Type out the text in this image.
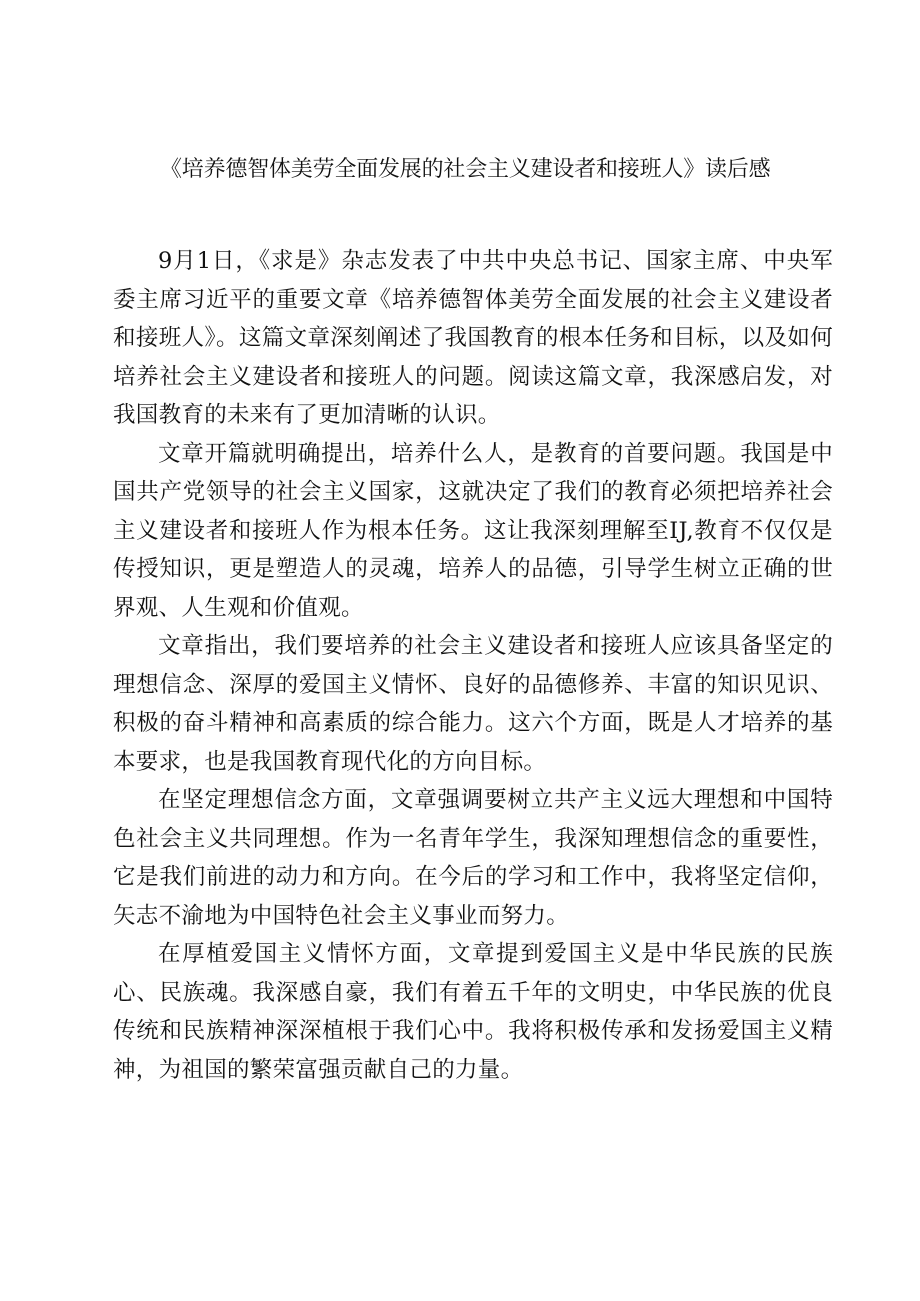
《培养德智体美劳全面发展的社会主义建设者和接班人》读后感

9月1日，《求是》杂志发表了中共中央总书记、国家主席、中央军委主席习近平的重要文章《培养德智体美劳全面发展的社会主义建设者和接班人》。这篇文章深刻阐述了我国教育的根本任务和目标，以及如何培养社会主义建设者和接班人的问题。阅读这篇文章，我深感启发，对我国教育的未来有了更加清晰的认识。

文章开篇就明确提出，培养什么人，是教育的首要问题。我国是中国共产党领导的社会主义国家，这就决定了我们的教育必须把培养社会主义建设者和接班人作为根本任务。这让我深刻理解至IJ,教育不仅仅是传授知识，更是塑造人的灵魂，培养人的品德，引导学生树立正确的世界观、人生观和价值观。

文章指出，我们要培养的社会主义建设者和接班人应该具备坚定的理想信念、深厚的爱国主义情怀、良好的品德修养、丰富的知识见识、积极的奋斗精神和高素质的综合能力。这六个方面，既是人才培养的基本要求，也是我国教育现代化的方向目标。

在坚定理想信念方面，文章强调要树立共产主义远大理想和中国特色社会主义共同理想。作为一名青年学生，我深知理想信念的重要性，它是我们前进的动力和方向。在今后的学习和工作中，我将坚定信仰，矢志不渝地为中国特色社会主义事业而努力。

在厚植爱国主义情怀方面，文章提到爱国主义是中华民族的民族心、民族魂。我深感自豪，我们有着五千年的文明史，中华民族的优良传统和民族精神深深植根于我们心中。我将积极传承和发扬爱国主义精神，为祖国的繁荣富强贡献自己的力量。
